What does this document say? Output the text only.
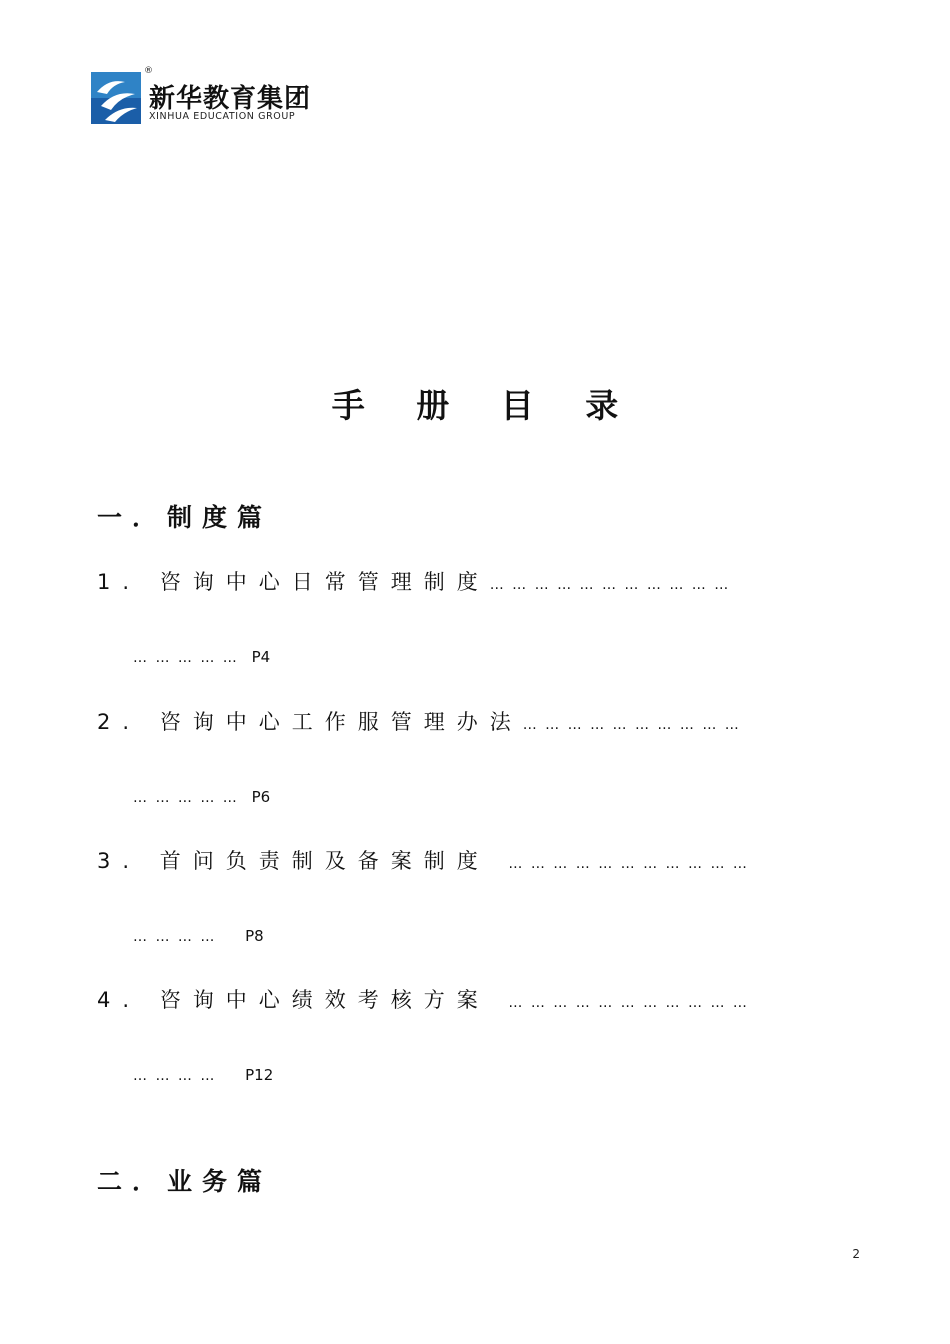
®
新华教育集团
XINHUA EDUCATION GROUP
手 册 目 录
一．制度篇
1. 咨询中心日常管理制度… … … … … … … … … … …
… … … … … P4
2. 咨询中心工作服管理办法… … … … … … … … … …
… … … … … P6
3. 首问负责制及备案制度 … … … … … … … … … … …
… … … … P8
4. 咨询中心绩效考核方案 … … … … … … … … … … …
… … … … P12
二．业务篇
2
